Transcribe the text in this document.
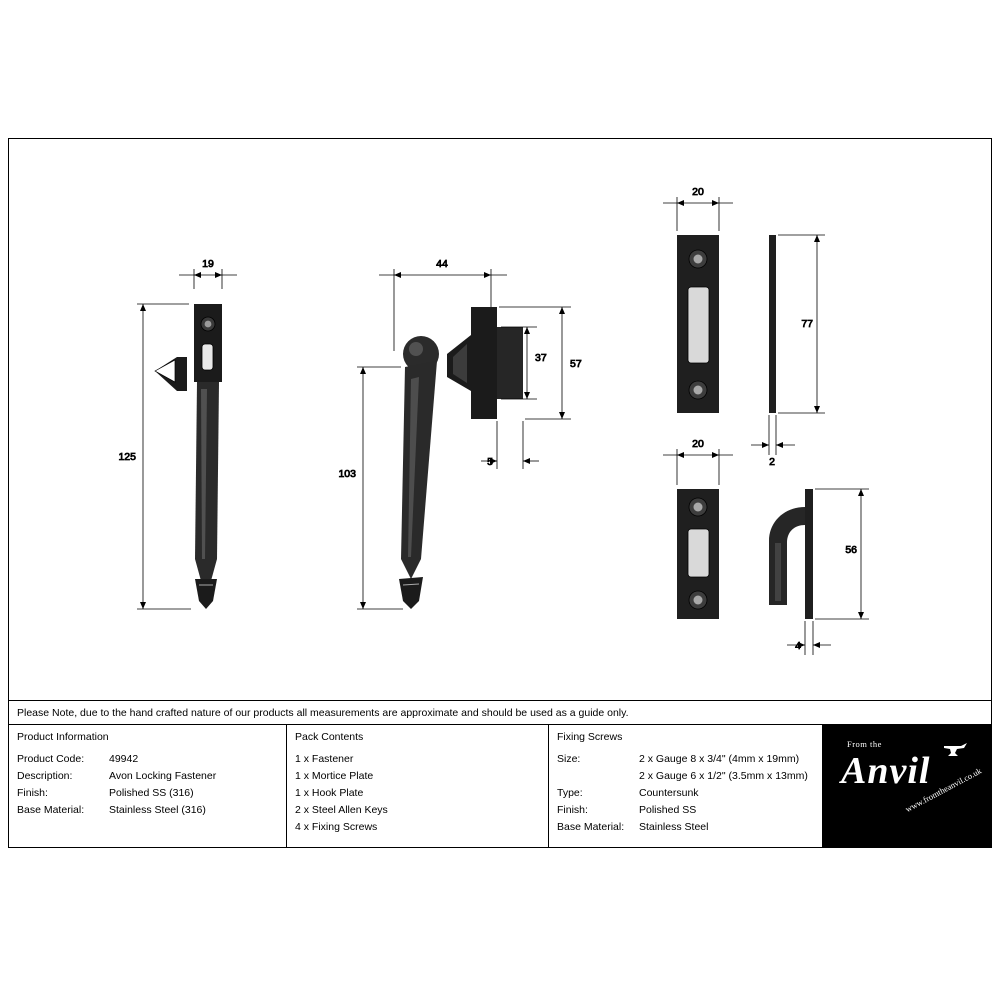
19
125
44
103
57
37
5
20
77
2
20
56
4
Please Note, due to the hand crafted nature of our products all measurements are approximate and should be used as a guide only.
Product Information
Product Code:	49942
Description:	Avon Locking Fastener
Finish:	Polished SS (316)
Base Material:	Stainless Steel (316)
Pack Contents
1 x Fastener
1 x Mortice Plate
1 x Hook Plate
2 x Steel Allen Keys
4 x Fixing Screws
Fixing Screws
Size:	2 x Gauge 8 x 3/4" (4mm x 19mm)
2 x Gauge 6 x 1/2" (3.5mm x 13mm)
Type:	Countersunk
Finish:	Polished SS
Base Material:	Stainless Steel
From the
Anvil
www.fromtheanvil.co.uk
